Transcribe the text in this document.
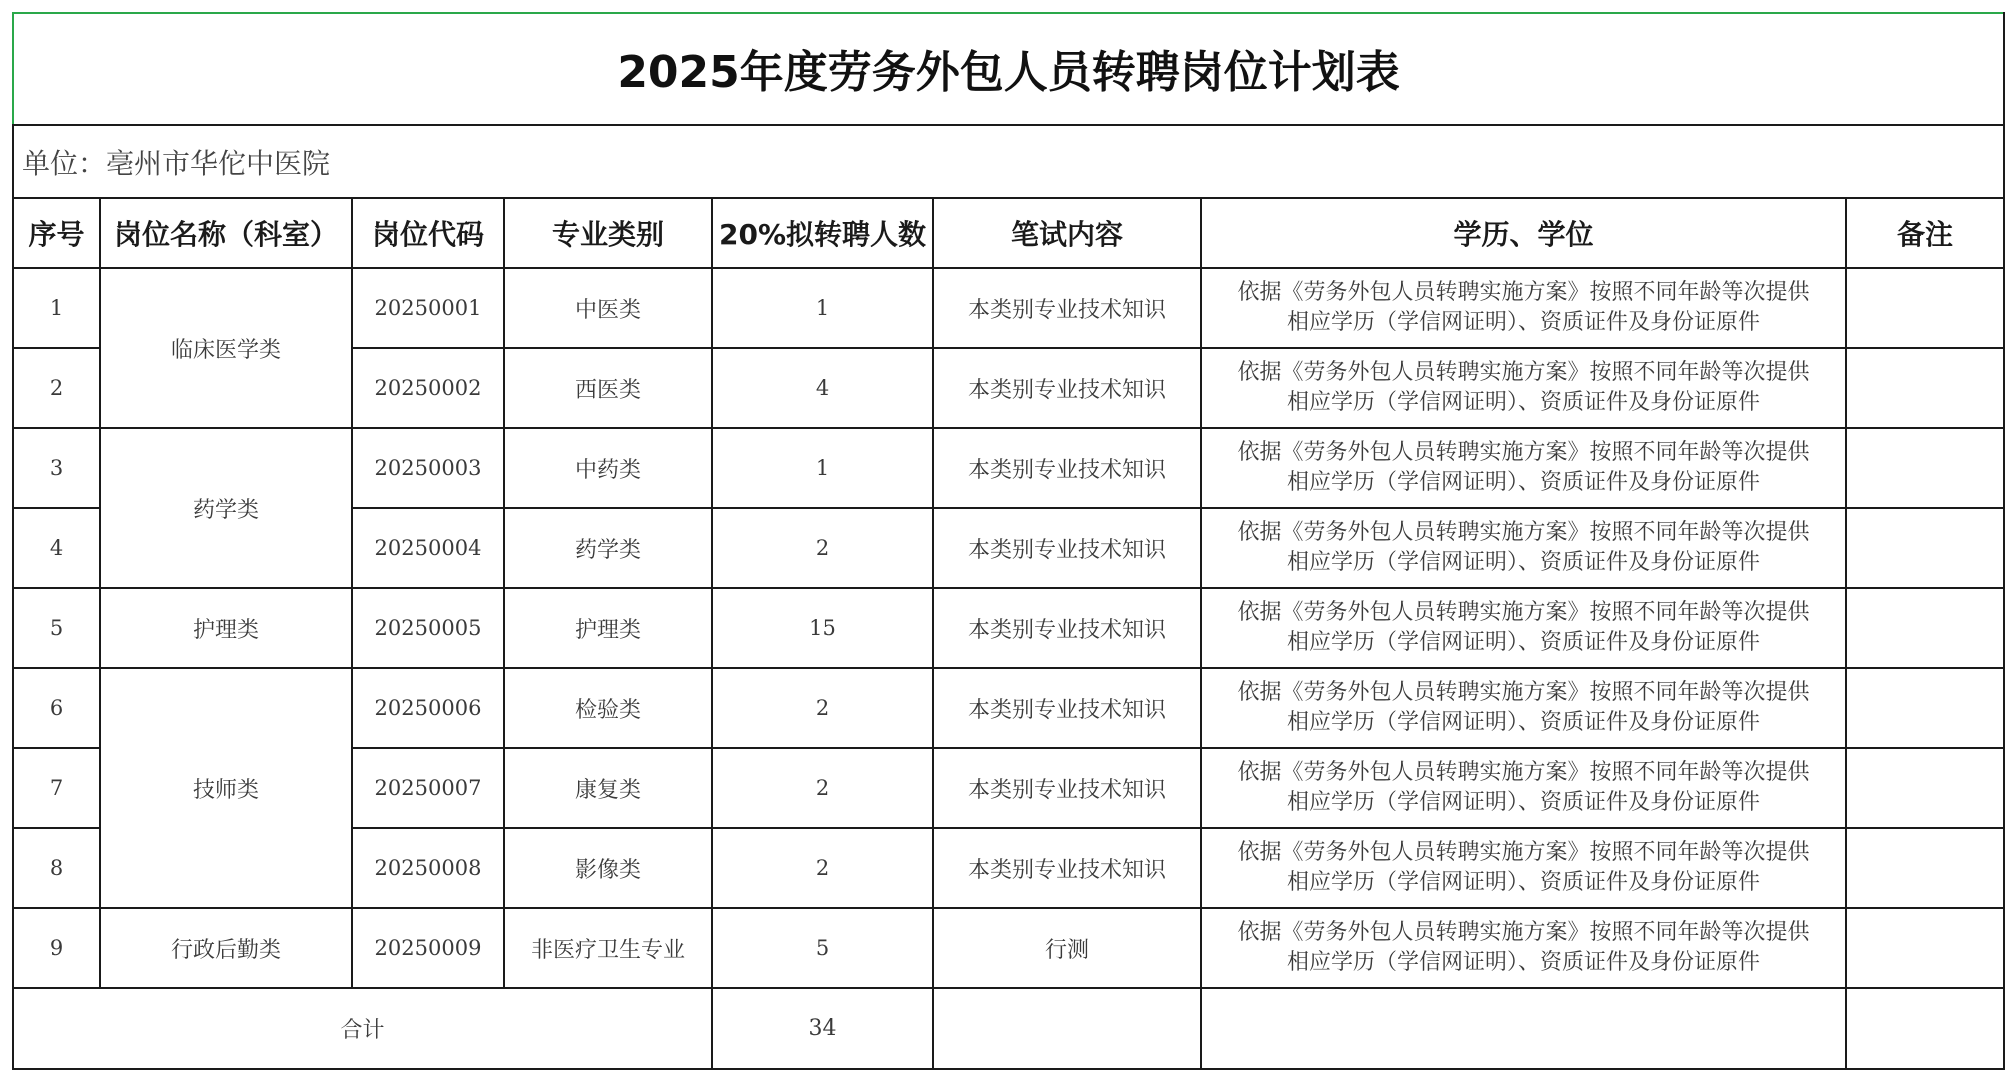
2025年度劳务外包人员转聘岗位计划表							
单位：亳州市华佗中医院							
序号	岗位名称（科室）	岗位代码	专业类别	20%拟转聘人数	笔试内容	学历、学位	备注
1	临床医学类	20250001	中医类	1	本类别专业技术知识	依据《劳务外包人员转聘实施方案》按照不同年龄等次提供
相应学历（学信网证明）、资质证件及身份证原件	

2		20250002	西医类	4	本类别专业技术知识	依据《劳务外包人员转聘实施方案》按照不同年龄等次提供
相应学历（学信网证明）、资质证件及身份证原件	

3	药学类	20250003	中药类	1	本类别专业技术知识	依据《劳务外包人员转聘实施方案》按照不同年龄等次提供
相应学历（学信网证明）、资质证件及身份证原件	

4		20250004	药学类	2	本类别专业技术知识	依据《劳务外包人员转聘实施方案》按照不同年龄等次提供
相应学历（学信网证明）、资质证件及身份证原件	

5	护理类	20250005	护理类	15	本类别专业技术知识	依据《劳务外包人员转聘实施方案》按照不同年龄等次提供
相应学历（学信网证明）、资质证件及身份证原件	

6	技师类	20250006	检验类	2	本类别专业技术知识	依据《劳务外包人员转聘实施方案》按照不同年龄等次提供
相应学历（学信网证明）、资质证件及身份证原件	

7		20250007	康复类	2	本类别专业技术知识	依据《劳务外包人员转聘实施方案》按照不同年龄等次提供
相应学历（学信网证明）、资质证件及身份证原件	

8		20250008	影像类	2	本类别专业技术知识	依据《劳务外包人员转聘实施方案》按照不同年龄等次提供
相应学历（学信网证明）、资质证件及身份证原件	

9	行政后勤类	20250009	非医疗卫生专业	5	行测	依据《劳务外包人员转聘实施方案》按照不同年龄等次提供
相应学历（学信网证明）、资质证件及身份证原件	

合计				34			
